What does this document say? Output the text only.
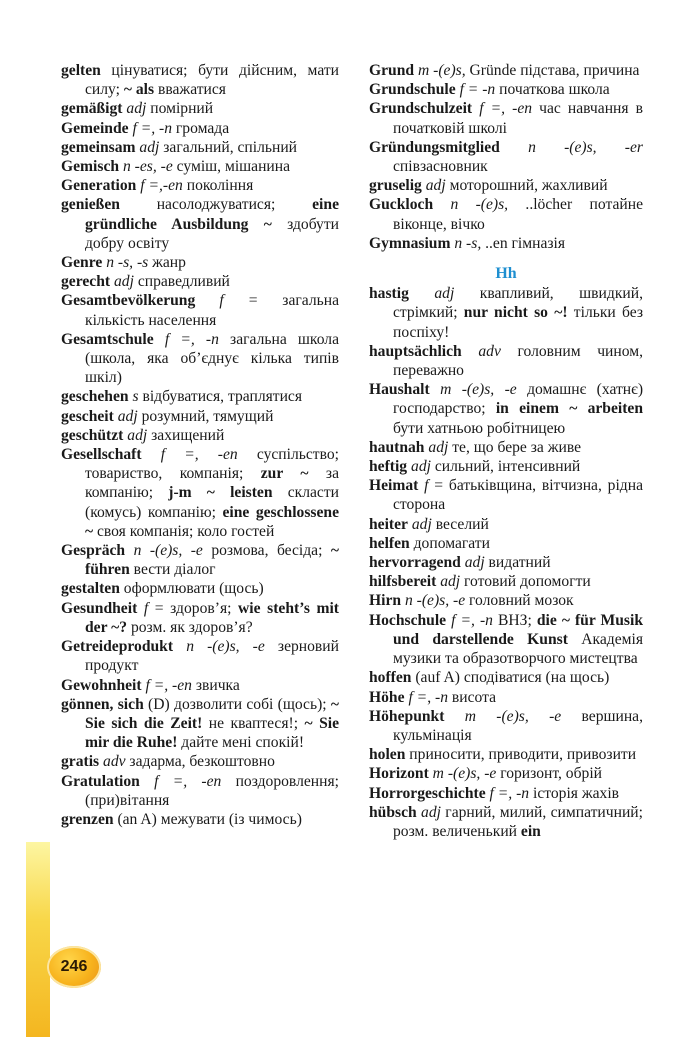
gelten цінуватися; бути дійсним, мати силу; ~ als вважатися
gemäßigt adj помірний
Gemeinde f =, -n громада
gemeinsam adj загальний, спільний
Gemisch n -es, -e суміш, мішанина
Generation f =,-en покоління
genießen насолоджуватися; eine gründliche Ausbildung ~ здобути добру освіту
Genre n -s, -s жанр
gerecht adj справедливий
Gesamtbevölkerung f = загальна кількість населення
Gesamtschule f =, -n загальна школа (школа, яка об’єднує кілька типів шкіл)
geschehen s відбуватися, траплятися
gescheit adj розумний, тямущий
geschützt adj захищений
Gesellschaft f =, -en суспільство; товариство, компанія; zur ~ за компанію; j-m ~ leisten скласти (комусь) компанію; eine geschlossene ~ своя компанія; коло гостей
Gespräch n -(e)s, -e розмова, бесіда; ~ führen вести діалог
gestalten оформлювати (щось)
Gesundheit f = здоров’я; wie steht’s mit der ~? розм. як здоров’я?
Getreideprodukt n -(e)s, -e зерновий продукт
Gewohnheit f =, -en звичка
gönnen, sich (D) дозволити собі (щось); ~ Sie sich die Zeit! не кваптеся!; ~ Sie mir die Ruhe! дайте мені спокій!
gratis adv задарма, безкоштовно
Gratulation f =, -en поздоровлення; (при)вітання
grenzen (an A) межувати (із чимось)
Grund m -(e)s, Gründe підстава, причина
Grundschule f = -n початкова школа
Grundschulzeit f =, -en час навчання в початковій школі
Gründungsmitglied n -(e)s, -er співзасновник
gruselig adj моторошний, жахливий
Guckloch n -(e)s, ..löcher потайне віконце, вічко
Gymnasium n -s, ..en гімназія
Hh
hastig adj квапливий, швидкий, стрімкий; nur nicht so ~! тільки без поспіху!
hauptsächlich adv головним чином, переважно
Haushalt m -(e)s, -e домашнє (хатнє) господарство; in einem ~ arbeiten бути хатньою робітницею
hautnah adj те, що бере за живе
heftig adj сильний, інтенсивний
Heimat f = батьківщина, вітчизна, рідна сторона
heiter adj веселий
helfen допомагати
hervorragend adj видатний
hilfsbereit adj готовий допомогти
Hirn n -(e)s, -e головний мозок
Hochschule f =, -n ВНЗ; die ~ für Musik und darstellende Kunst Академія музики та образотворчого мистецтва
hoffen (auf A) сподіватися (на щось)
Höhe f =, -n висота
Höhepunkt m -(e)s, -e вершина, кульмінація
holen приносити, приводити, привозити
Horizont m -(e)s, -e горизонт, обрій
Horrorgeschichte f =, -n історія жахів
hübsch adj гарний, милий, симпатичний; розм. величенький ein
246
